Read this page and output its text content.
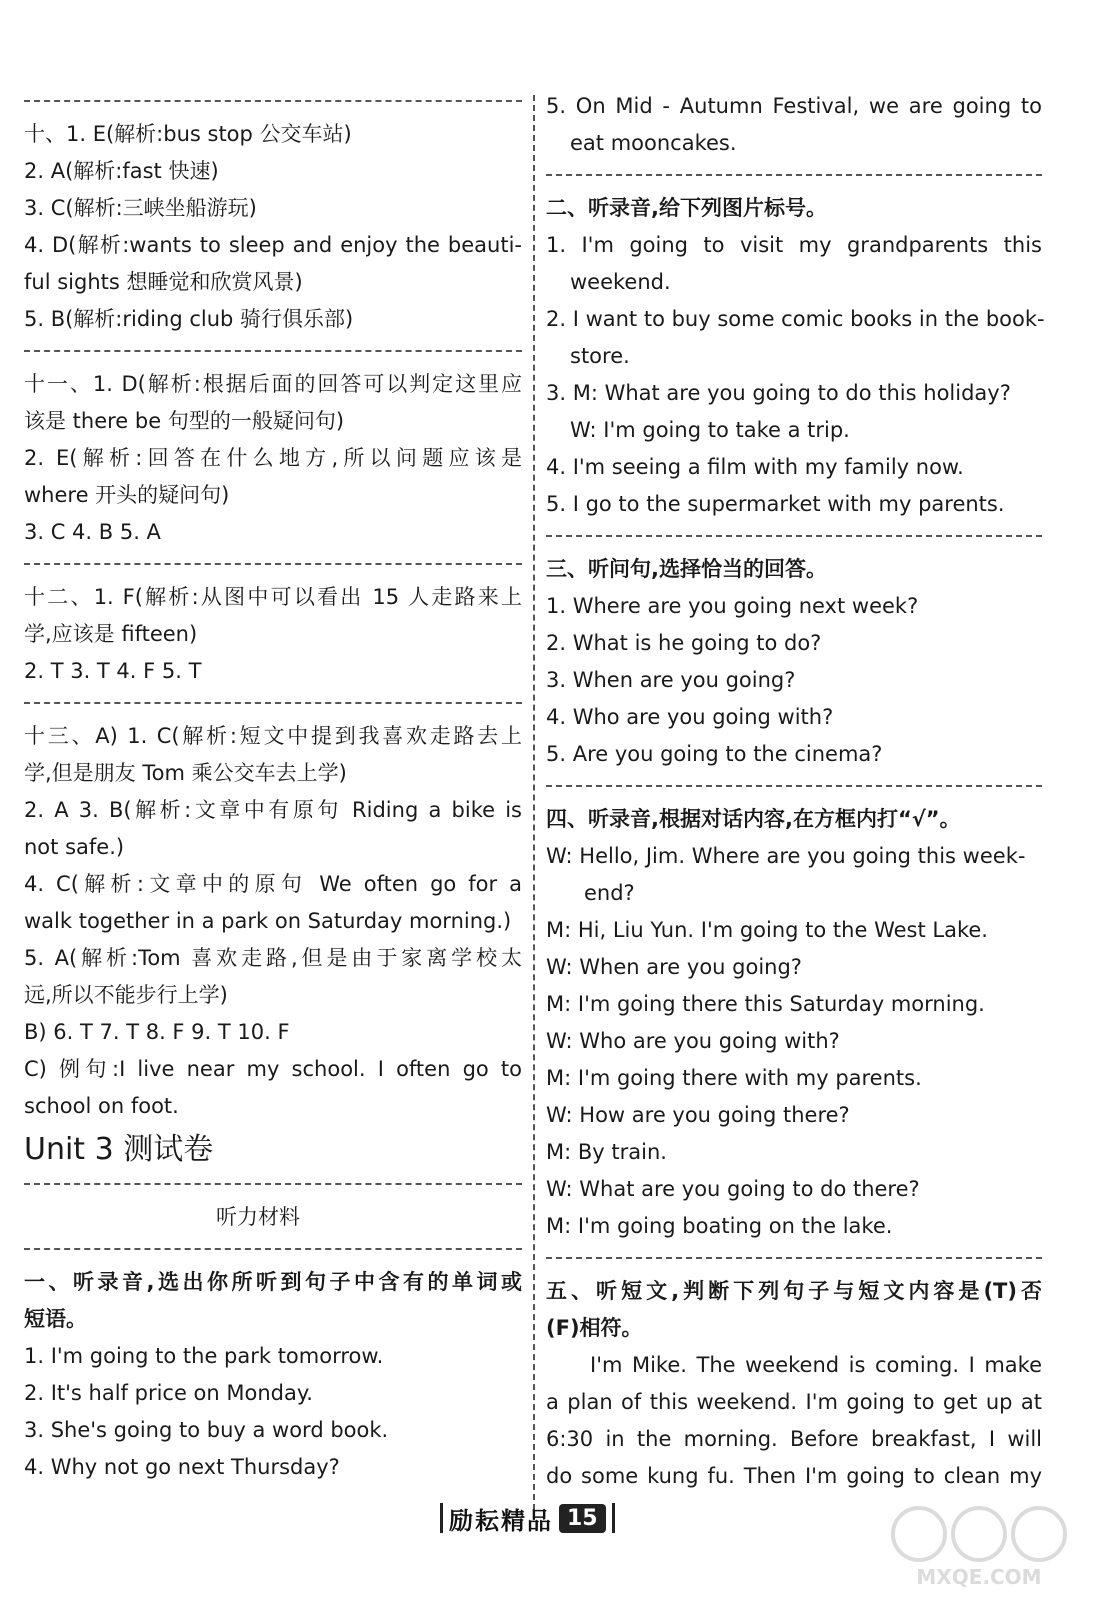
十、1. E(解析:bus stop 公交车站)
2. A(解析:fast 快速)
3. C(解析:三峡坐船游玩)
4. D(解析:wants to sleep and enjoy the beauti-
ful sights 想睡觉和欣赏风景)
5. B(解析:riding club 骑行俱乐部)
十一、1. D(解析:根据后面的回答可以判定这里应
该是 there be 句型的一般疑问句)
2. E(解析:回答在什么地方,所以问题应该是
where 开头的疑问句)
3. C 4. B 5. A
十二、1. F(解析:从图中可以看出 15 人走路来上
学,应该是 fifteen)
2. T 3. T 4. F 5. T
十三、A) 1. C(解析:短文中提到我喜欢走路去上
学,但是朋友 Tom 乘公交车去上学)
2. A 3. B(解析:文章中有原句 Riding a bike is
not safe.)
4. C(解析:文章中的原句 We often go for a
walk together in a park on Saturday morning.)
5. A(解析:Tom 喜欢走路,但是由于家离学校太
远,所以不能步行上学)
B) 6. T 7. T 8. F 9. T 10. F
C) 例句:I live near my school. I often go to
school on foot.
Unit 3 测试卷
听力材料
一、听录音,选出你所听到句子中含有的单词或
短语。
1. I'm going to the park tomorrow.
2. It's half price on Monday.
3. She's going to buy a word book.
4. Why not go next Thursday?
5. On Mid - Autumn Festival, we are going to
eat mooncakes.
二、听录音,给下列图片标号。
1. I'm going to visit my grandparents this
weekend.
2. I want to buy some comic books in the book-
store.
3. M: What are you going to do this holiday?
W: I'm going to take a trip.
4. I'm seeing a film with my family now.
5. I go to the supermarket with my parents.
三、听问句,选择恰当的回答。
1. Where are you going next week?
2. What is he going to do?
3. When are you going?
4. Who are you going with?
5. Are you going to the cinema?
四、听录音,根据对话内容,在方框内打“√”。
W: Hello, Jim. Where are you going this week-
end?
M: Hi, Liu Yun. I'm going to the West Lake.
W: When are you going?
M: I'm going there this Saturday morning.
W: Who are you going with?
M: I'm going there with my parents.
W: How are you going there?
M: By train.
W: What are you going to do there?
M: I'm going boating on the lake.
五、听短文,判断下列句子与短文内容是(T)否
(F)相符。
I'm Mike. The weekend is coming. I make
a plan of this weekend. I'm going to get up at
6:30 in the morning. Before breakfast, I will
do some kung fu. Then I'm going to clean my
励耘精品 15
MXQE.COM
